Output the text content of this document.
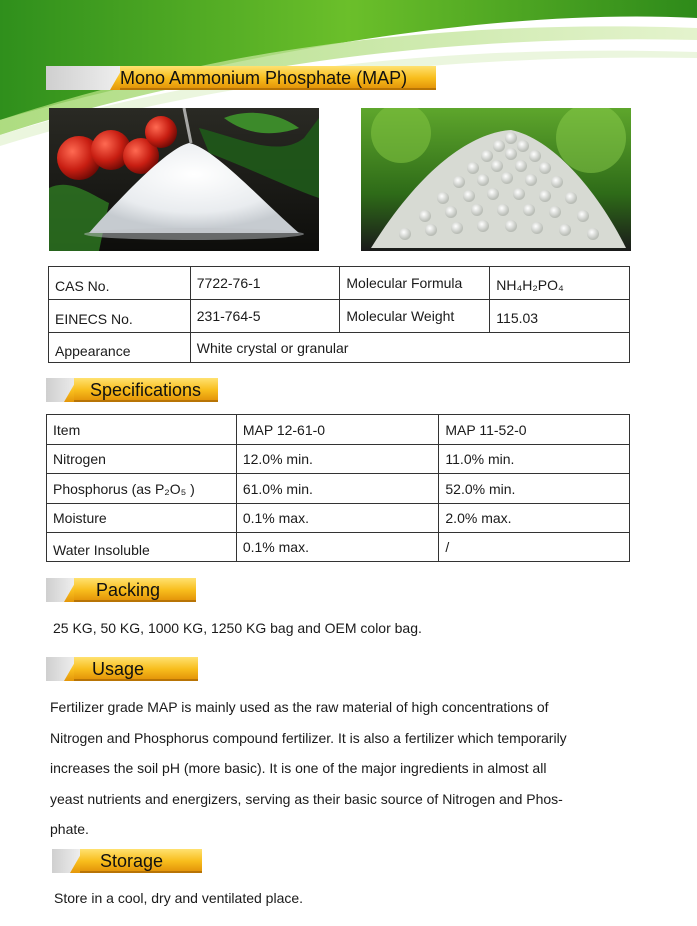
Mono Ammonium Phosphate (MAP)
CAS No.	7722-76-1	Molecular Formula	NH₄H₂PO₄
EINECS No.	231-764-5	Molecular Weight	115.03
Appearance	White crystal or granular		
Specifications
Item	MAP 12-61-0	MAP 11-52-0
Nitrogen	12.0% min.	11.0% min.
Phosphorus (as P₂O₅ )	61.0% min.	52.0% min.
Moisture	0.1% max.	2.0% max.
Water Insoluble	0.1% max.	/
Packing
25 KG, 50 KG, 1000 KG, 1250 KG bag and OEM color bag.
Usage
Fertilizer grade MAP is mainly used as the raw material of high concentrations of
Nitrogen and Phosphorus compound fertilizer. It is also a fertilizer which temporarily
increases the soil pH (more basic). It is one of the major ingredients in almost all
yeast nutrients and energizers, serving as their basic source of Nitrogen and Phos-
phate.
Storage
Store in a cool, dry and ventilated place.
